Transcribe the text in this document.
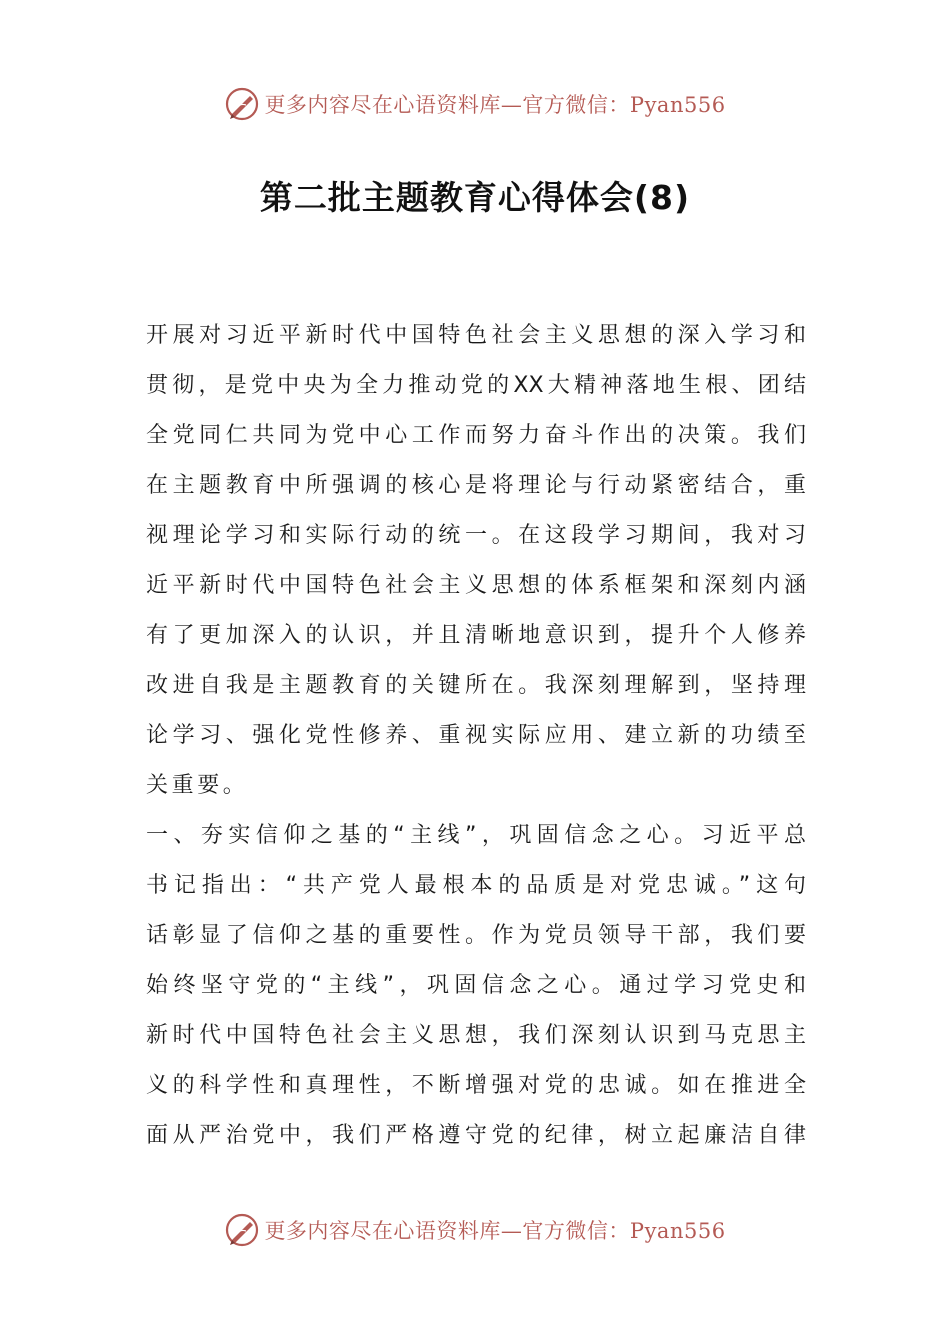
更多内容尽在心语资料库—官方微信：Pyan556
第二批主题教育心得体会(8)
开展对习近平新时代中国特色社会主义思想的深入学习和
贯彻，是党中央为全力推动党的XX大精神落地生根、团结
全党同仁共同为党中心工作而努力奋斗作出的决策。我们
在主题教育中所强调的核心是将理论与行动紧密结合，重
视理论学习和实际行动的统一。在这段学习期间，我对习
近平新时代中国特色社会主义思想的体系框架和深刻内涵
有了更加深入的认识，并且清晰地意识到，提升个人修养
改进自我是主题教育的关键所在。我深刻理解到，坚持理
论学习、强化党性修养、重视实际应用、建立新的功绩至
关重要。
一、夯实信仰之基的“主线”，巩固信念之心。习近平总
书记指出：“共产党人最根本的品质是对党忠诚。”这句
话彰显了信仰之基的重要性。作为党员领导干部，我们要
始终坚守党的“主线”，巩固信念之心。通过学习党史和
新时代中国特色社会主义思想，我们深刻认识到马克思主
义的科学性和真理性，不断增强对党的忠诚。如在推进全
面从严治党中，我们严格遵守党的纪律，树立起廉洁自律
更多内容尽在心语资料库—官方微信：Pyan556
